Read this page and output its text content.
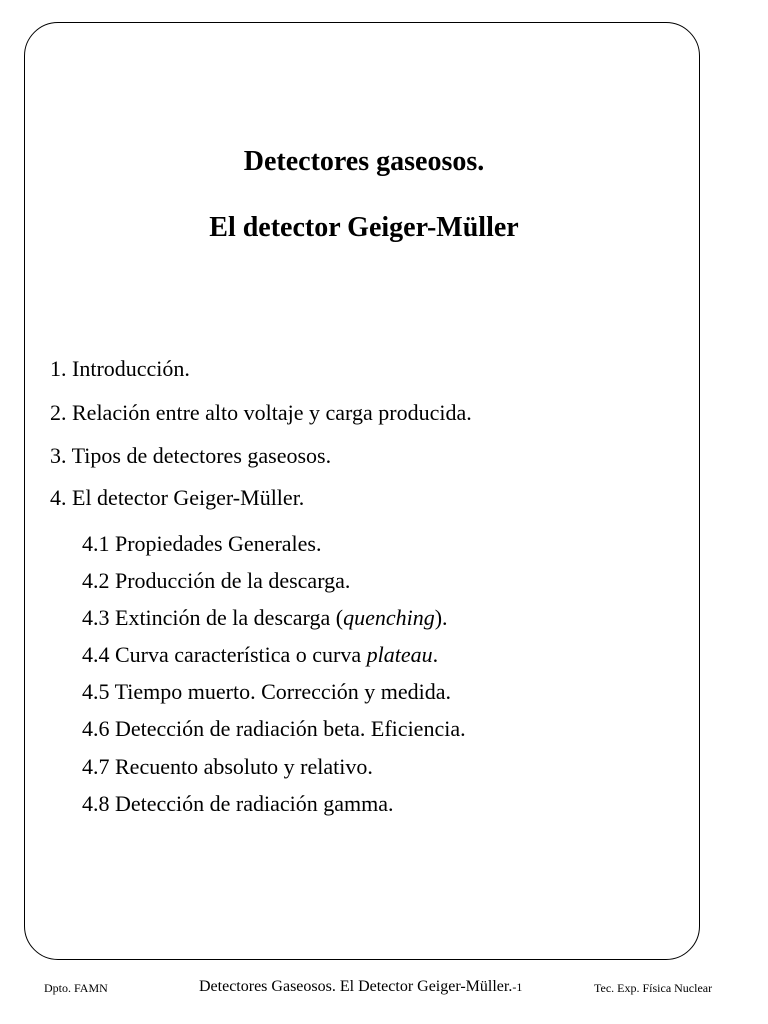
Detectores gaseosos.
El detector Geiger-Müller
1. Introducción.
2. Relación entre alto voltaje y carga producida.
3. Tipos de detectores gaseosos.
4. El detector Geiger-Müller.
4.1 Propiedades Generales.
4.2 Producción de la descarga.
4.3 Extinción de la descarga (quenching).
4.4 Curva característica o curva plateau.
4.5 Tiempo muerto. Corrección y medida.
4.6 Detección de radiación beta. Eficiencia.
4.7 Recuento absoluto y relativo.
4.8 Detección de radiación gamma.
Dpto. FAMN	Detectores Gaseosos. El Detector Geiger-Müller.-1	Tec. Exp. Física Nuclear
